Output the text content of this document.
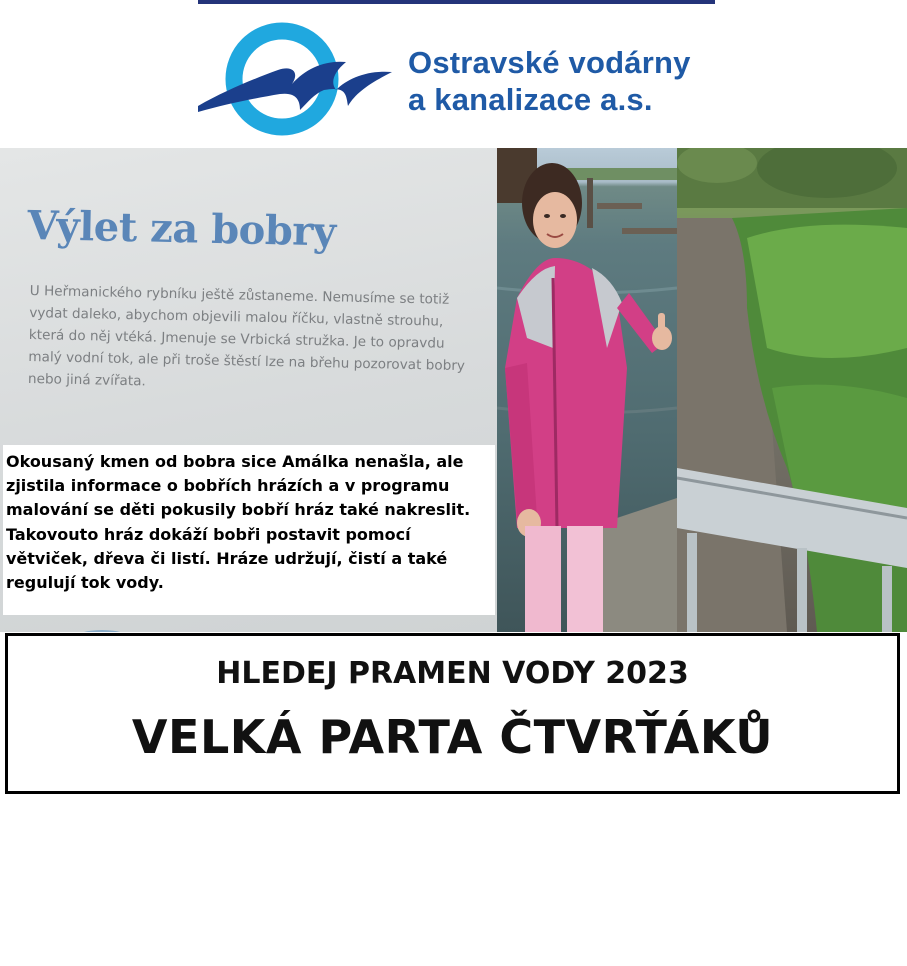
Ostravské vodárny
a kanalizace a.s.
Výlet za bobry

U Heřmanického rybníku ještě zůstaneme. Nemusíme se totiž vydat daleko, abychom objevili malou říčku, vlastně strouhu, která do něj vtéká. Jmenuje se Vrbická stružka. Je to opravdu malý vodní tok, ale při troše štěstí lze na břehu pozorovat bobry nebo jiná zvířata.

Okousaný kmen od bobra sice Amálka nenašla, ale zjistila informace o bobřích hrázích a v programu malování se děti pokusily bobří hráz také nakreslit. Takovouto hráz dokáží bobři postavit pomocí větviček, dřeva či listí. Hráze udržují, čistí a také regulují tok vody.

HLEDEJ PRAMEN VODY 2023
VELKÁ PARTA ČTVRŤÁKŮ
